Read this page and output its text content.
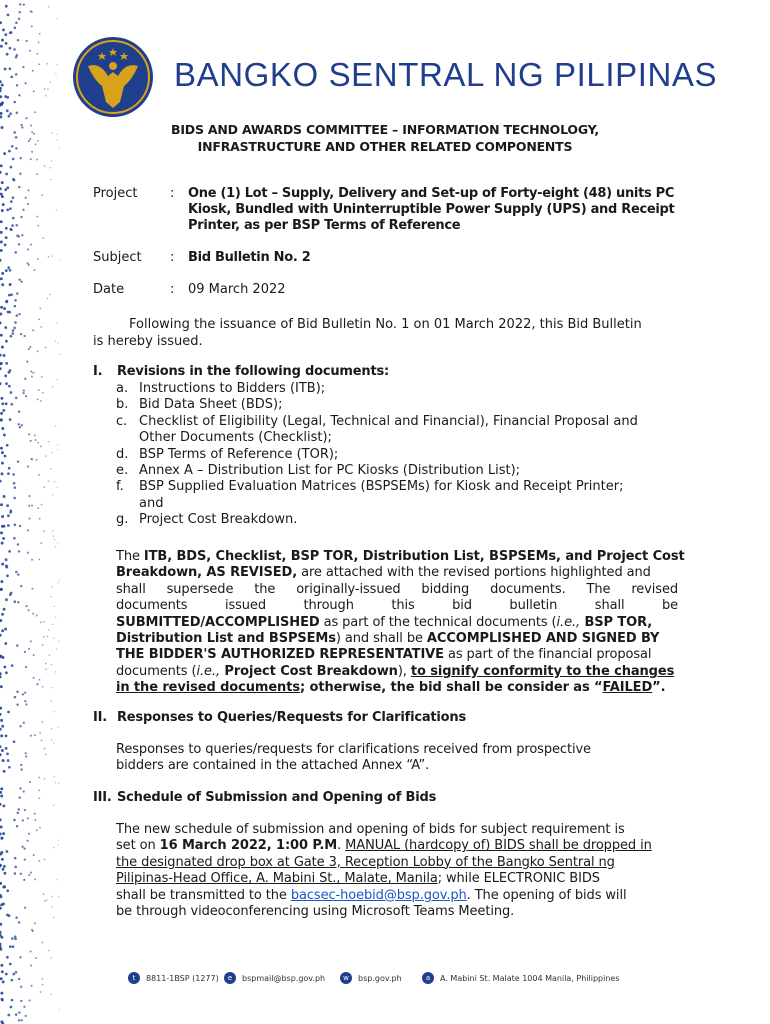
BANGKO SENTRAL NG PILIPINAS
BIDS AND AWARDS COMMITTEE – INFORMATION TECHNOLOGY,
INFRASTRUCTURE AND OTHER RELATED COMPONENTS
Project	: One (1) Lot – Supply, Delivery and Set-up of Forty-eight (48) units PC
Kiosk, Bundled with Uninterruptible Power Supply (UPS) and Receipt
Printer, as per BSP Terms of Reference
Subject : Bid Bulletin No. 2
Date	: 09 March 2022
Following the issuance of Bid Bulletin No. 1 on 01 March 2022, this Bid Bulletin
is hereby issued.
I. Revisions in the following documents:
a. Instructions to Bidders (ITB);
b. Bid Data Sheet (BDS);
c. Checklist of Eligibility (Legal, Technical and Financial), Financial Proposal and
Other Documents (Checklist);
d. BSP Terms of Reference (TOR);
e. Annex A – Distribution List for PC Kiosks (Distribution List);
f. BSP Supplied Evaluation Matrices (BSPSEMs) for Kiosk and Receipt Printer;
and
g. Project Cost Breakdown.
The ITB, BDS, Checklist, BSP TOR, Distribution List, BSPSEMs, and Project Cost
Breakdown, AS REVISED, are attached with the revised portions highlighted and
shall supersede the originally-issued bidding documents. The revised
documents	issued	through	this	bid	bulletin	shall	be
SUBMITTED/ACCOMPLISHED as part of the technical documents (i.e., BSP TOR,
Distribution List and BSPSEMs) and shall be ACCOMPLISHED AND SIGNED BY
THE BIDDER'S AUTHORIZED REPRESENTATIVE as part of the financial proposal
documents (i.e., Project Cost Breakdown), to signify conformity to the changes
in the revised documents; otherwise, the bid shall be consider as “FAILED”.
II. Responses to Queries/Requests for Clarifications
Responses to queries/requests for clarifications received from prospective
bidders are contained in the attached Annex “A”.
III. Schedule of Submission and Opening of Bids
The new schedule of submission and opening of bids for subject requirement is
set on 16 March 2022, 1:00 P.M. MANUAL (hardcopy of) BIDS shall be dropped in
the designated drop box at Gate 3, Reception Lobby of the Bangko Sentral ng
Pilipinas-Head Office, A. Mabini St., Malate, Manila; while ELECTRONIC BIDS
shall be transmitted to the bacsec-hoebid@bsp.gov.ph. The opening of bids will
be through videoconferencing using Microsoft Teams Meeting.
t	8811-1BSP (1277)	e	bspmail@bsp.gov.ph	w	bsp.gov.ph	a	A. Mabini St. Malate 1004 Manila, Philippines
